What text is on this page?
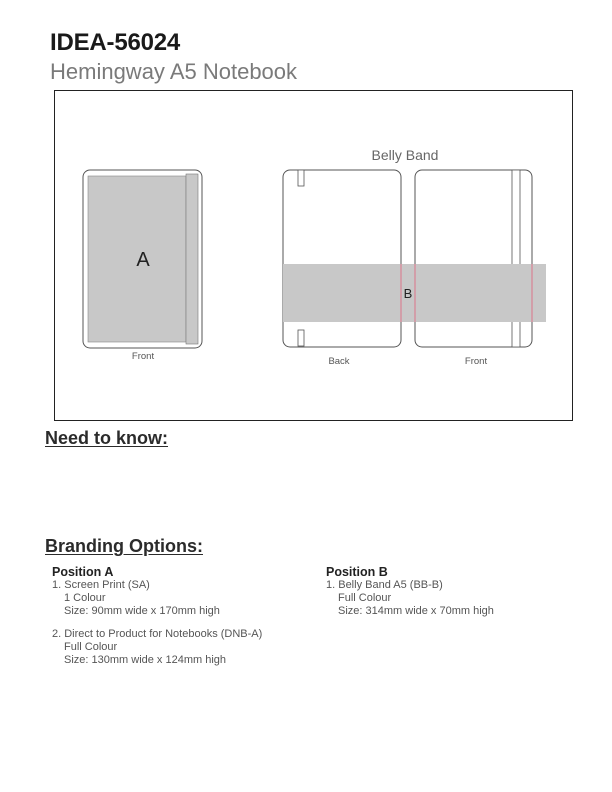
IDEA-56024
Hemingway A5 Notebook
A
Front
Belly Band
Back	Front
B
Need to know:
Branding Options:
Position A
1. Screen Print (SA)
1 Colour
Size: 90mm wide x 170mm high
2. Direct to Product for Notebooks (DNB-A)
Full Colour
Size: 130mm wide x 124mm high
Position B
1. Belly Band A5 (BB-B)
Full Colour
Size: 314mm wide x 70mm high
